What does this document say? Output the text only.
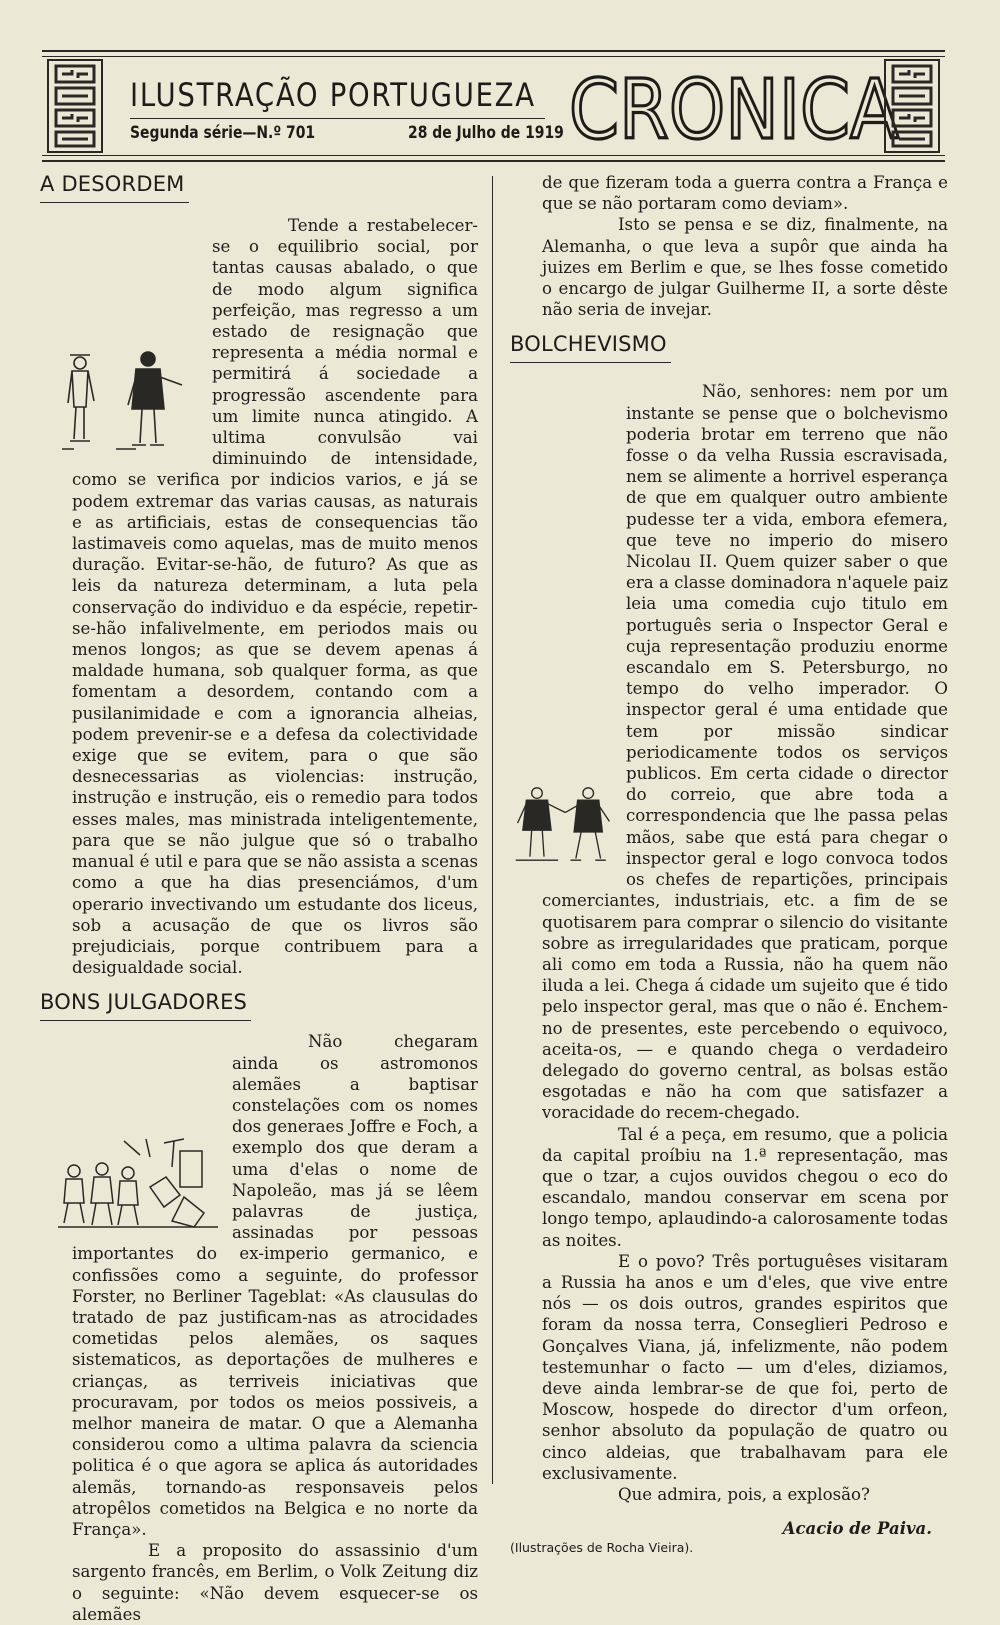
ILUSTRAÇÃO PORTUGUEZA
Segunda série—N.º 701	28 de Julho de 1919 CRONICA
A DESORDEM

Tende a restabelecer-se o equilibrio social, por tantas causas abalado, o que de modo algum significa perfeição, mas regresso a um estado de resignação que representa a média normal e permitirá á sociedade a progressão ascendente para um limite nunca atingido. A ultima convulsão vai diminuindo de intensidade, como se verifica por indicios varios, e já se podem extremar das varias causas, as naturais e as artificiais, estas de consequencias tão lastimaveis como aquelas, mas de muito menos duração. Evitar-se-hão, de futuro? As que as leis da natureza determinam, a luta pela conservação do individuo e da espécie, repetir-se-hão infalivelmente, em periodos mais ou menos longos; as que se devem apenas á maldade humana, sob qualquer forma, as que fomentam a desordem, contando com a pusilanimidade e com a ignorancia alheias, podem prevenir-se e a defesa da colectividade exige que se evitem, para o que são desnecessarias as violencias: instrução, instrução e instrução, eis o remedio para todos esses males, mas ministrada inteligentemente, para que se não julgue que só o trabalho manual é util e para que se não assista a scenas como a que ha dias presenciámos, d'um operario invectivando um estudante dos liceus, sob a acusação de que os livros são prejudiciais, porque contribuem para a desigualdade social.

BONS JULGADORES

Não chegaram ainda os astromonos alemães a baptisar constelações com os nomes dos generaes Joffre e Foch, a exemplo dos que deram a uma d'elas o nome de Napoleão, mas já se lêem palavras de justiça, assinadas por pessoas importantes do ex-imperio germanico, e confissões como a seguinte, do professor Forster, no Berliner Tageblat: «As clausulas do tratado de paz justificam-nas as atrocidades cometidas pelos alemães, os saques sistematicos, as deportações de mulheres e crianças, as terriveis iniciativas que procuravam, por todos os meios possiveis, a melhor maneira de matar. O que a Alemanha considerou como a ultima palavra da sciencia politica é o que agora se aplica ás autoridades alemãs, tornando-as responsaveis pelos atropêlos cometidos na Belgica e no norte da França».

E a proposito do assassinio d'um sargento francês, em Berlim, o Volk Zeitung diz o seguinte: «Não devem esquecer-se os alemães

de que fizeram toda a guerra contra a França e que se não portaram como deviam».

Isto se pensa e se diz, finalmente, na Alemanha, o que leva a supôr que ainda ha juizes em Berlim e que, se lhes fosse cometido o encargo de julgar Guilherme II, a sorte dêste não seria de invejar.

BOLCHEVISMO

Não, senhores: nem por um instante se pense que o bolchevismo poderia brotar em terreno que não fosse o da velha Russia escravisada, nem se alimente a horrivel esperança de que em qualquer outro ambiente pudesse ter a vida, embora efemera, que teve no imperio do misero Nicolau II. Quem quizer saber o que era a classe dominadora n'aquele paiz leia uma comedia cujo titulo em português seria o Inspector Geral e cuja representação produziu enorme escandalo em S. Petersburgo, no tempo do velho imperador. O inspector geral é uma entidade que tem por missão sindicar periodicamente todos os serviços publicos. Em certa cidade o director do correio, que abre toda a correspondencia que lhe passa pelas mãos, sabe que está para chegar o inspector geral e logo convoca todos os chefes de repartições, principais comerciantes, industriais, etc. a fim de se quotisarem para comprar o silencio do visitante sobre as irregularidades que praticam, porque ali como em toda a Russia, não ha quem não iluda a lei. Chega á cidade um sujeito que é tido pelo inspector geral, mas que o não é. Enchem-no de presentes, este percebendo o equivoco, aceita-os, — e quando chega o verdadeiro delegado do governo central, as bolsas estão esgotadas e não ha com que satisfazer a voracidade do recem-chegado.

Tal é a peça, em resumo, que a policia da capital proíbiu na 1.ª representação, mas que o tzar, a cujos ouvidos chegou o eco do escandalo, mandou conservar em scena por longo tempo, aplaudindo-a calorosamente todas as noites.

E o povo? Três portuguêses visitaram a Russia ha anos e um d'eles, que vive entre nós — os dois outros, grandes espiritos que foram da nossa terra, Conseglieri Pedroso e Gonçalves Viana, já, infelizmente, não podem testemunhar o facto — um d'eles, diziamos, deve ainda lembrar-se de que foi, perto de Moscow, hospede do director d'um orfeon, senhor absoluto da população de quatro ou cinco aldeias, que trabalhavam para ele exclusivamente.

Que admira, pois, a explosão?

Acacio de Paiva.
(Ilustrações de Rocha Vieira).
